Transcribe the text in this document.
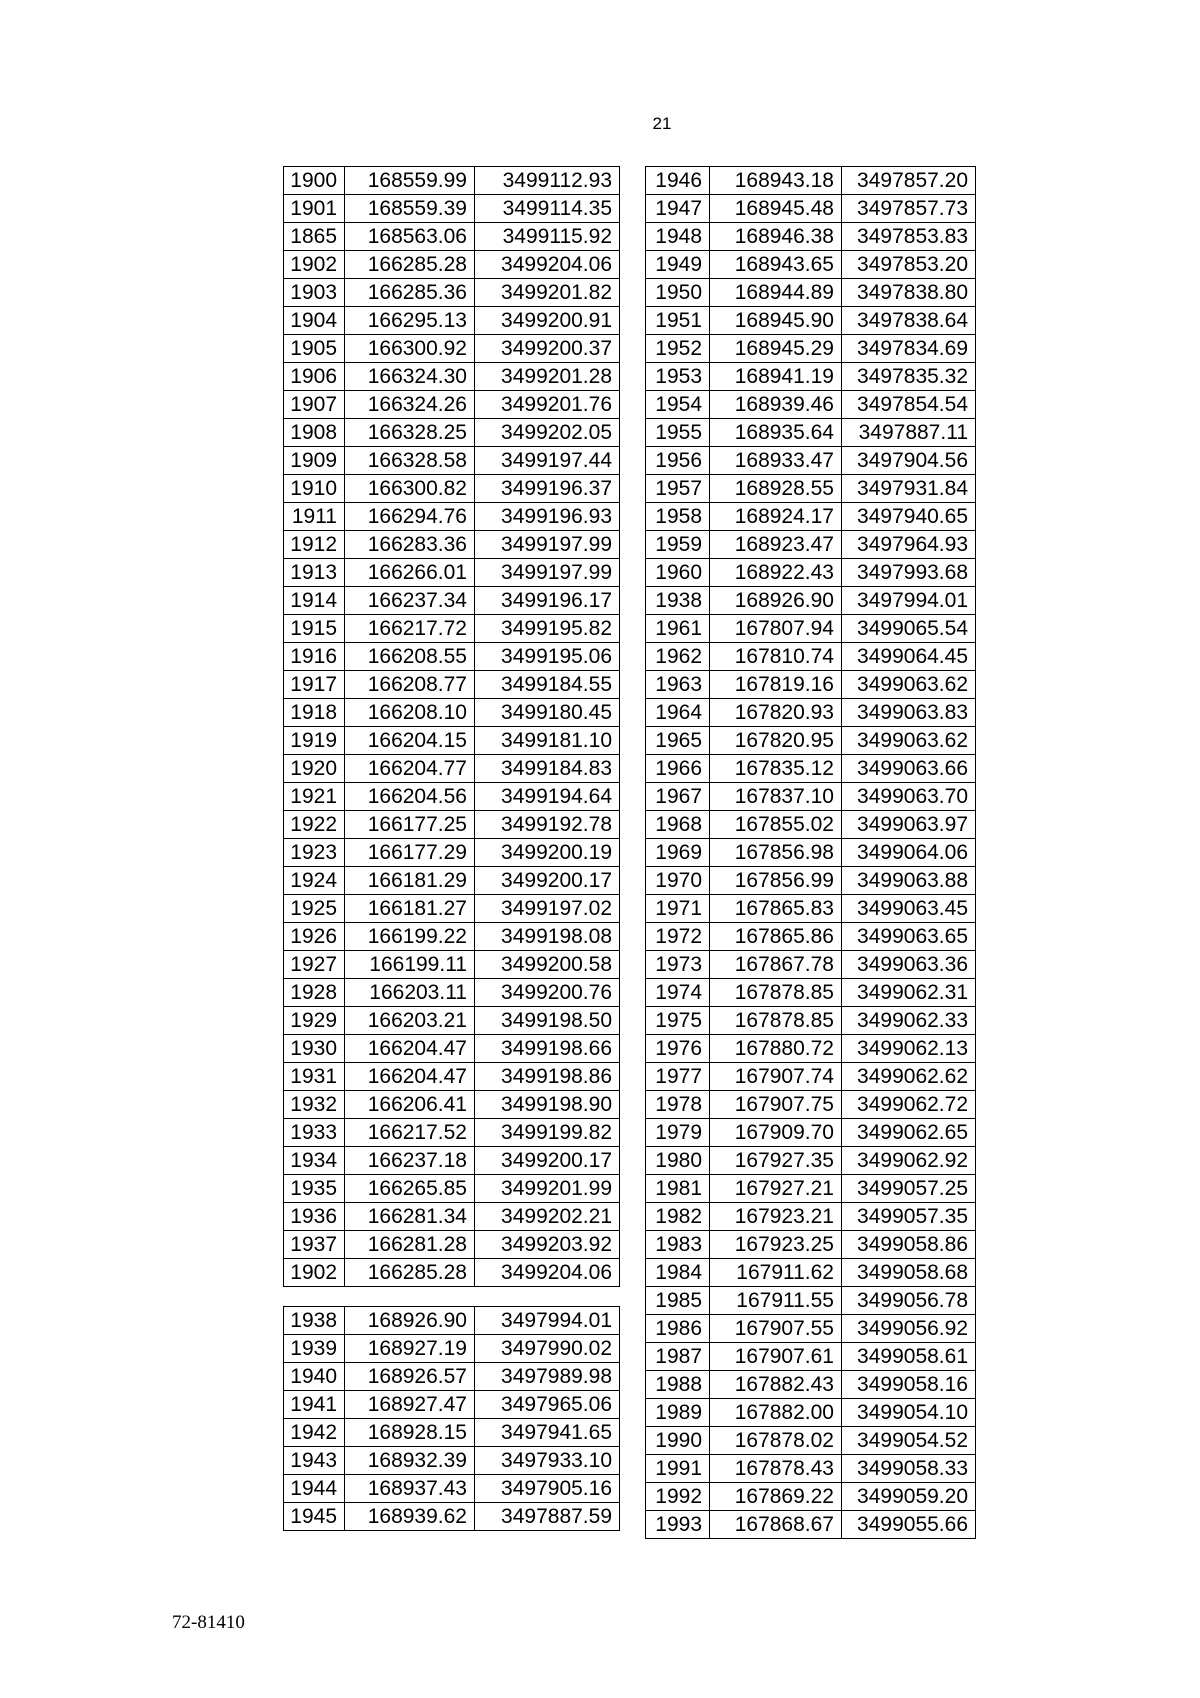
21
1900	168559.99	3499112.93
1901	168559.39	3499114.35
1865	168563.06	3499115.92
1902	166285.28	3499204.06
1903	166285.36	3499201.82
1904	166295.13	3499200.91
1905	166300.92	3499200.37
1906	166324.30	3499201.28
1907	166324.26	3499201.76
1908	166328.25	3499202.05
1909	166328.58	3499197.44
1910	166300.82	3499196.37
1911	166294.76	3499196.93
1912	166283.36	3499197.99
1913	166266.01	3499197.99
1914	166237.34	3499196.17
1915	166217.72	3499195.82
1916	166208.55	3499195.06
1917	166208.77	3499184.55
1918	166208.10	3499180.45
1919	166204.15	3499181.10
1920	166204.77	3499184.83
1921	166204.56	3499194.64
1922	166177.25	3499192.78
1923	166177.29	3499200.19
1924	166181.29	3499200.17
1925	166181.27	3499197.02
1926	166199.22	3499198.08
1927	166199.11	3499200.58
1928	166203.11	3499200.76
1929	166203.21	3499198.50
1930	166204.47	3499198.66
1931	166204.47	3499198.86
1932	166206.41	3499198.90
1933	166217.52	3499199.82
1934	166237.18	3499200.17
1935	166265.85	3499201.99
1936	166281.34	3499202.21
1937	166281.28	3499203.92
1902	166285.28	3499204.06
1938	168926.90	3497994.01
1939	168927.19	3497990.02
1940	168926.57	3497989.98
1941	168927.47	3497965.06
1942	168928.15	3497941.65
1943	168932.39	3497933.10
1944	168937.43	3497905.16
1945	168939.62	3497887.59
1946	168943.18	3497857.20
1947	168945.48	3497857.73
1948	168946.38	3497853.83
1949	168943.65	3497853.20
1950	168944.89	3497838.80
1951	168945.90	3497838.64
1952	168945.29	3497834.69
1953	168941.19	3497835.32
1954	168939.46	3497854.54
1955	168935.64	3497887.11
1956	168933.47	3497904.56
1957	168928.55	3497931.84
1958	168924.17	3497940.65
1959	168923.47	3497964.93
1960	168922.43	3497993.68
1938	168926.90	3497994.01
1961	167807.94	3499065.54
1962	167810.74	3499064.45
1963	167819.16	3499063.62
1964	167820.93	3499063.83
1965	167820.95	3499063.62
1966	167835.12	3499063.66
1967	167837.10	3499063.70
1968	167855.02	3499063.97
1969	167856.98	3499064.06
1970	167856.99	3499063.88
1971	167865.83	3499063.45
1972	167865.86	3499063.65
1973	167867.78	3499063.36
1974	167878.85	3499062.31
1975	167878.85	3499062.33
1976	167880.72	3499062.13
1977	167907.74	3499062.62
1978	167907.75	3499062.72
1979	167909.70	3499062.65
1980	167927.35	3499062.92
1981	167927.21	3499057.25
1982	167923.21	3499057.35
1983	167923.25	3499058.86
1984	167911.62	3499058.68
1985	167911.55	3499056.78
1986	167907.55	3499056.92
1987	167907.61	3499058.61
1988	167882.43	3499058.16
1989	167882.00	3499054.10
1990	167878.02	3499054.52
1991	167878.43	3499058.33
1992	167869.22	3499059.20
1993	167868.67	3499055.66
72-81410
